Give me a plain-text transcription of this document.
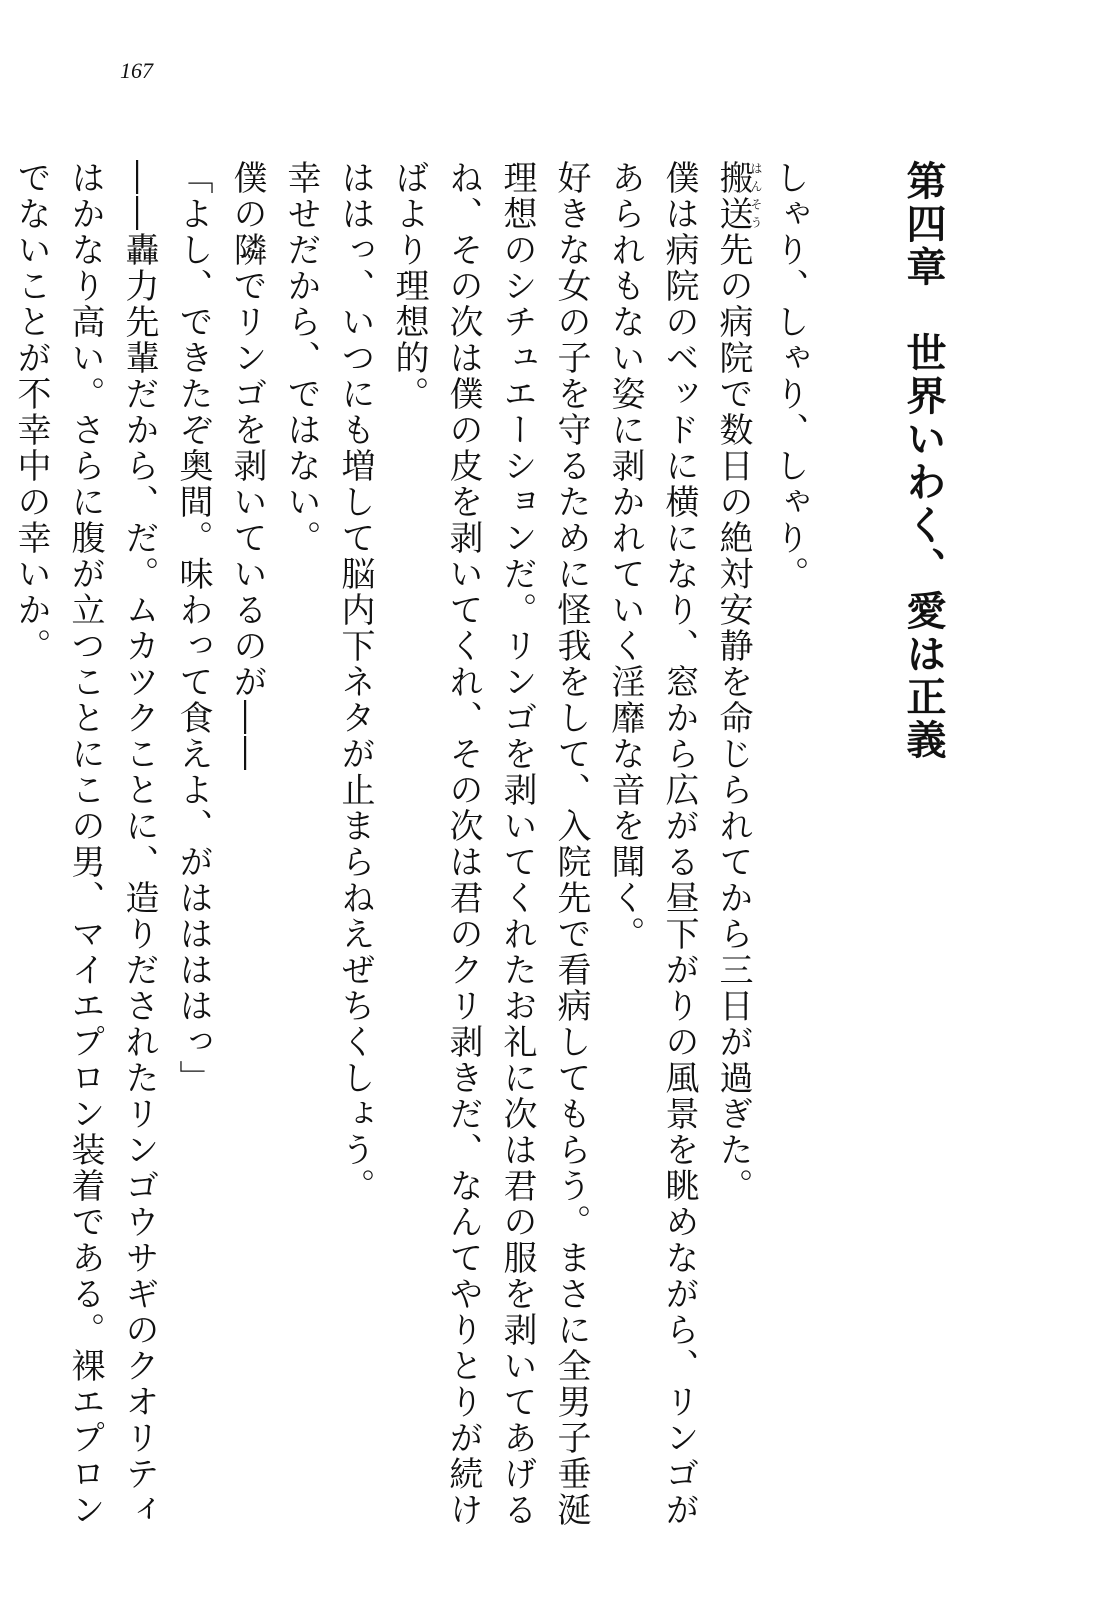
167
第四章　世界いわく、愛は正義

しゃり、しゃり、しゃり。

搬送はんそう先の病院で数日の絶対安静を命じられてから三日が過ぎた。

僕は病院のベッドに横になり、窓から広がる昼下がりの風景を眺めながら、リンゴがあられもない姿に剥かれていく淫靡な音を聞く。

好きな女の子を守るために怪我をして、入院先で看病してもらう。まさに全男子垂涎理想のシチュエーションだ。リンゴを剥いてくれたお礼に次は君の服を剥いてあげるね、その次は僕の皮を剥いてくれ、その次は君のクリ剥きだ、なんてやりとりが続けばより理想的。

ははっ、いつにも増して脳内下ネタが止まらねえぜちくしょう。

幸せだから、ではない。

僕の隣でリンゴを剥いているのが――

「よし、できたぞ奥間。味わって食えよ、がははははっ」

――轟力先輩だから、だ。ムカツクことに、造りだされたリンゴウサギのクオリティはかなり高い。さらに腹が立つことにこの男、マイエプロン装着である。裸エプロンでないことが不幸中の幸いか。
